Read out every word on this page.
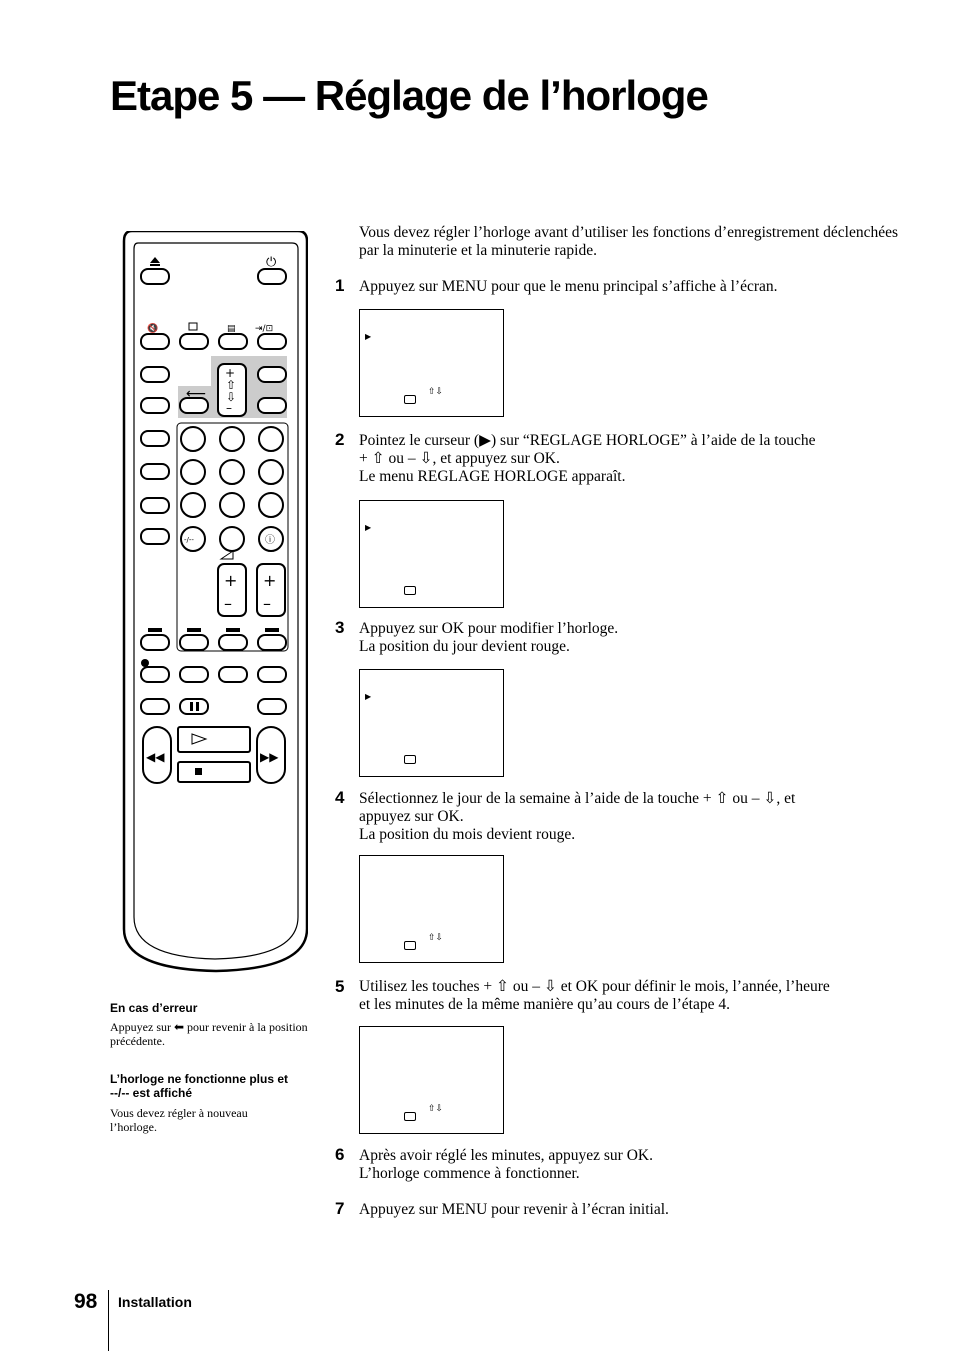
Etape 5 — Réglage de l’horloge

Vous devez régler l’horloge avant d’utiliser les fonctions d’enregistrement déclenchées par la minuterie et la minuterie rapide.

1 Appuyez sur MENU pour que le menu principal s’affiche à l’écran.

▶
⇧⇩
2 Pointez le curseur (▶) sur “REGLAGE HORLOGE” à l’aide de la touche
+ ⇧ ou – ⇩, et appuyez sur OK.
Le menu REGLAGE HORLOGE apparaît.

▶
3 Appuyez sur OK pour modifier l’horloge.
La position du jour devient rouge.

▶
4 Sélectionnez le jour de la semaine à l’aide de la touche + ⇧ ou – ⇩, et
appuyez sur OK.
La position du mois devient rouge.

⇧⇩
5 Utilisez les touches + ⇧ ou – ⇩ et OK pour définir le mois, l’année, l’heure
et les minutes de la même manière qu’au cours de l’étape 4.

⇧⇩
6 Après avoir réglé les minutes, appuyez sur OK.
L’horloge commence à fonctionner.

7 Appuyez sur MENU pour revenir à l’écran initial.

En cas d’erreur

Appuyez sur ⬅ pour revenir à la position précédente.

L’horloge ne fonctionne plus et
--/-- est affiché

Vous devez régler à nouveau l’horloge.

98 Installation
⏻
🔇	▤ ⇥/⊡
⟵
+
⇧
⇩
–
-/--	ⓘ
+
–
+
–
◀◀	▶▶
